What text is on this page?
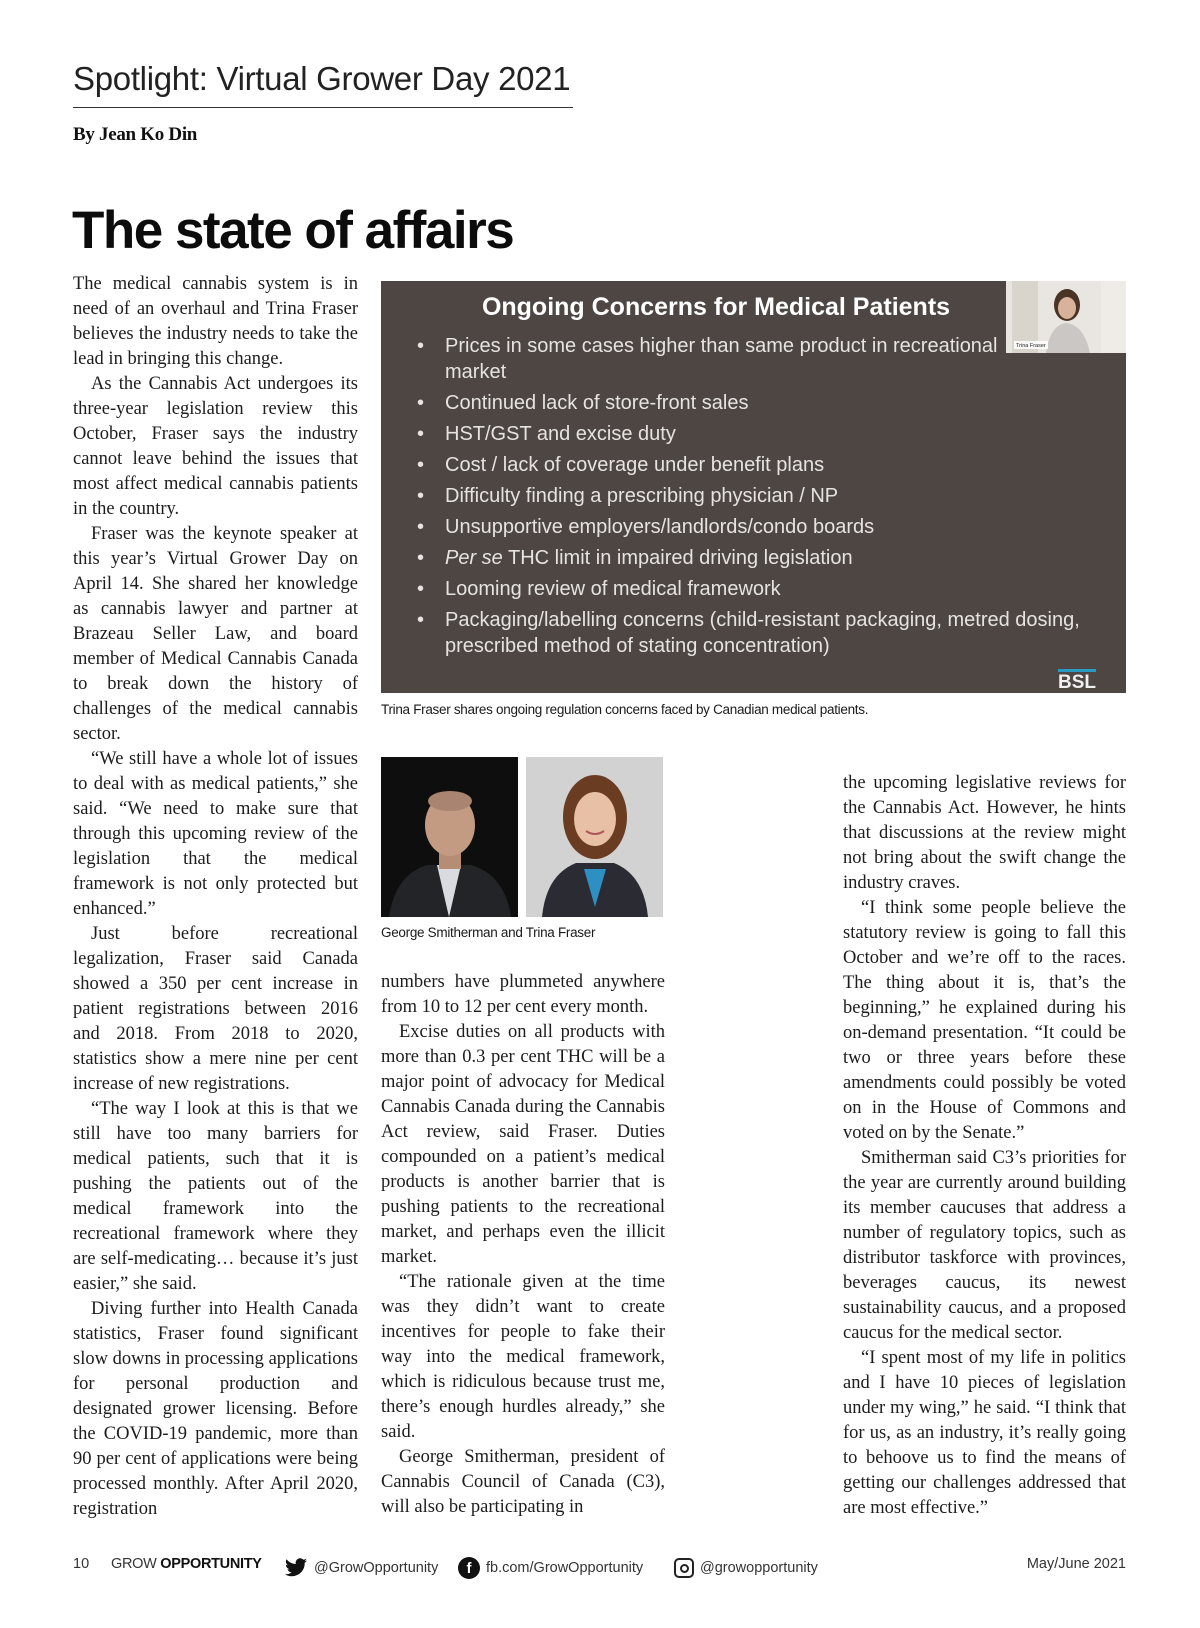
Spotlight: Virtual Grower Day 2021
By Jean Ko Din
The state of affairs

The medical cannabis system is in need of an overhaul and Trina Fraser believes the industry needs to take the lead in bringing this change.

As the Cannabis Act undergoes its three-year legislation review this October, Fraser says the industry cannot leave behind the issues that most affect medical cannabis patients in the country.

Fraser was the keynote speaker at this year’s Virtual Grower Day on April 14. She shared her knowledge as cannabis lawyer and partner at Brazeau Seller Law, and board member of Medical Cannabis Canada to break down the history of challenges of the medical cannabis sector.

“We still have a whole lot of issues to deal with as medical patients,” she said. “We need to make sure that through this upcoming review of the legislation that the medical framework is not only protected but enhanced.”

Just before recreational legalization, Fraser said Canada showed a 350 per cent increase in patient registrations between 2016 and 2018. From 2018 to 2020, statistics show a mere nine per cent increase of new registrations.

“The way I look at this is that we still have too many barriers for medical patients, such that it is pushing the patients out of the medical framework into the recreational framework where they are self-medicating… because it’s just easier,” she said.

Diving further into Health Canada statistics, Fraser found significant slow downs in processing applications for personal production and designated grower licensing. Before the COVID-19 pandemic, more than 90 per cent of applications were being processed monthly. After April 2020, registration

Ongoing Concerns for Medical Patients
• Prices in some cases higher than same product in recreational market
• Continued lack of store-front sales
• HST/GST and excise duty
• Cost / lack of coverage under benefit plans
• Difficulty finding a prescribing physician / NP
• Unsupportive employers/landlords/condo boards
• Per se THC limit in impaired driving legislation
• Looming review of medical framework
• Packaging/labelling concerns (child-resistant packaging, metred dosing, prescribed method of stating concentration)
Trina Fraser
BSL
Trina Fraser shares ongoing regulation concerns faced by Canadian medical patients.
George Smitherman and Trina Fraser

numbers have plummeted anywhere from 10 to 12 per cent every month.

Excise duties on all products with more than 0.3 per cent THC will be a major point of advocacy for Medical Cannabis Canada during the Cannabis Act review, said Fraser. Duties compounded on a patient’s medical products is another barrier that is pushing patients to the recreational market, and perhaps even the illicit market.

“The rationale given at the time was they didn’t want to create incentives for people to fake their way into the medical framework, which is ridiculous because trust me, there’s enough hurdles already,” she said.

George Smitherman, president of Cannabis Council of Canada (C3), will also be participating in

the upcoming legislative reviews for the Cannabis Act. However, he hints that discussions at the review might not bring about the swift change the industry craves.

“I think some people believe the statutory review is going to fall this October and we’re off to the races. The thing about it is, that’s the beginning,” he explained during his on-demand presentation. “It could be two or three years before these amendments could possibly be voted on in the House of Commons and voted on by the Senate.”

Smitherman said C3’s priorities for the year are currently around building its member caucuses that address a number of regulatory topics, such as distributor taskforce with provinces, beverages caucus, its newest sustainability caucus, and a proposed caucus for the medical sector.

“I spent most of my life in politics and I have 10 pieces of legislation under my wing,” he said. “I think that for us, as an industry, it’s really going to behoove us to find the means of getting our challenges addressed that are most effective.”

10 GROW OPPORTUNITY	@GrowOpportunity	f	fb.com/GrowOpportunity	@growopportunity	May/June 2021
